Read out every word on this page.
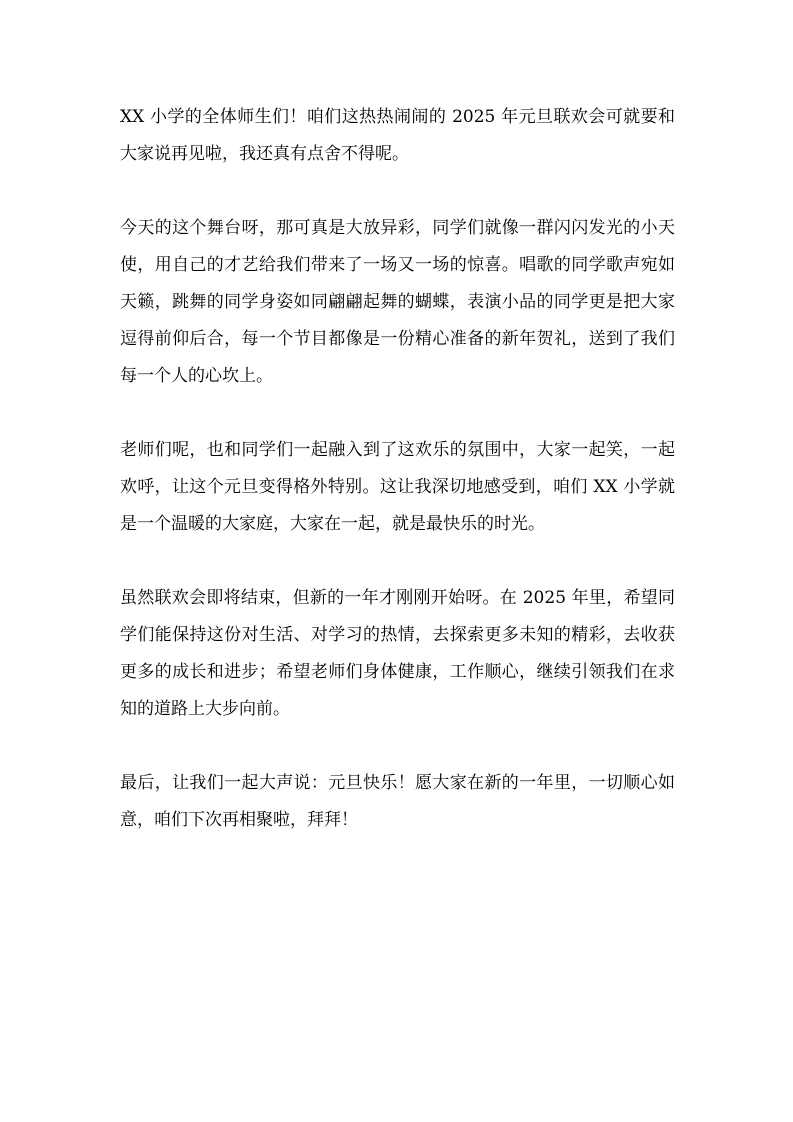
XX 小学的全体师生们！咱们这热热闹闹的 2025 年元旦联欢会可就要和大家说再见啦，我还真有点舍不得呢。

今天的这个舞台呀，那可真是大放异彩，同学们就像一群闪闪发光的小天使，用自己的才艺给我们带来了一场又一场的惊喜。唱歌的同学歌声宛如天籁，跳舞的同学身姿如同翩翩起舞的蝴蝶，表演小品的同学更是把大家逗得前仰后合，每一个节目都像是一份精心准备的新年贺礼，送到了我们每一个人的心坎上。

老师们呢，也和同学们一起融入到了这欢乐的氛围中，大家一起笑，一起欢呼，让这个元旦变得格外特别。这让我深切地感受到，咱们 XX 小学就是一个温暖的大家庭，大家在一起，就是最快乐的时光。

虽然联欢会即将结束，但新的一年才刚刚开始呀。在 2025 年里，希望同学们能保持这份对生活、对学习的热情，去探索更多未知的精彩，去收获更多的成长和进步；希望老师们身体健康，工作顺心，继续引领我们在求知的道路上大步向前。

最后，让我们一起大声说：元旦快乐！愿大家在新的一年里，一切顺心如意，咱们下次再相聚啦，拜拜！
